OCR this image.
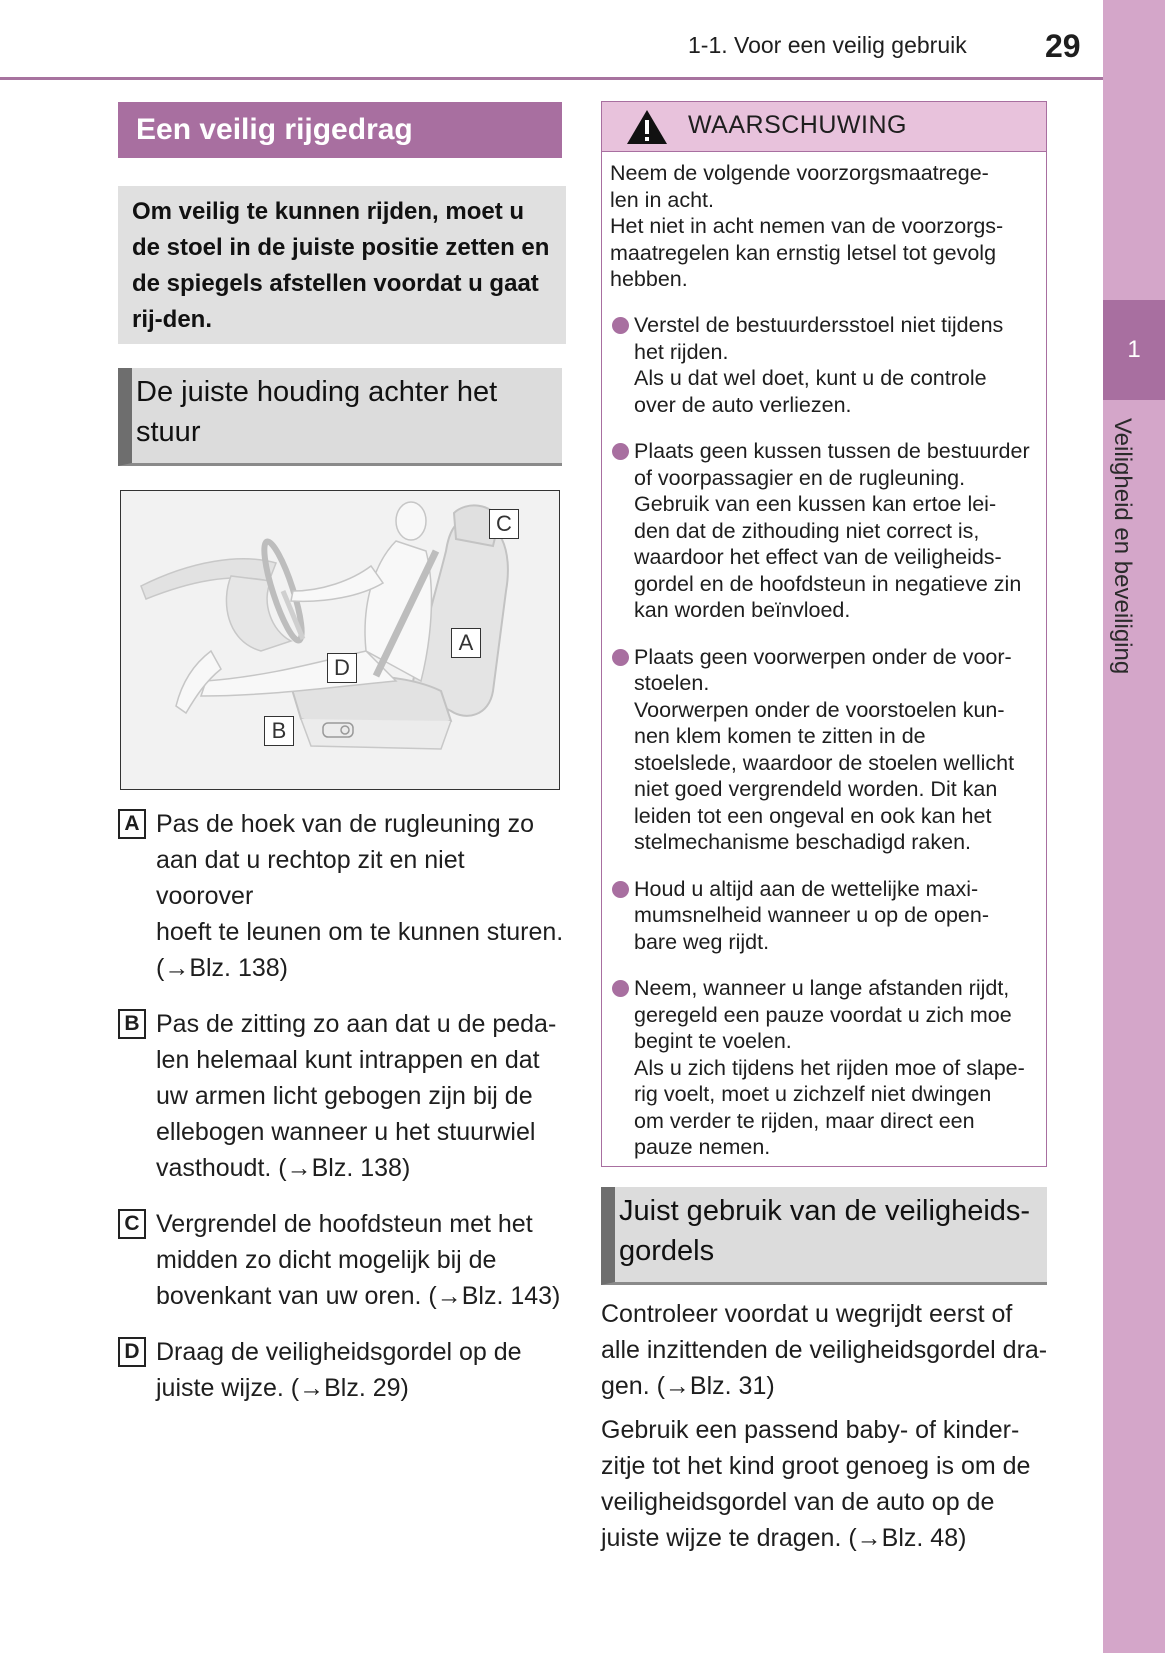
1-1. Voor een veilig gebruik 29
1
Veiligheid en beveiliging
Een veilig rijgedrag
Om veilig te kunnen rijden, moet u de stoel in de juiste positie zetten en de spiegels afstellen voordat u gaat rij-den.
De juiste houding achter het stuur
C
A
D
B
A Pas de hoek van de rugleuning zo
aan dat u rechtop zit en niet voorover
hoeft te leunen om te kunnen sturen.
(→Blz. 138)
B Pas de zitting zo aan dat u de peda-
len helemaal kunt intrappen en dat
uw armen licht gebogen zijn bij de
ellebogen wanneer u het stuurwiel
vasthoudt. (→Blz. 138)
C Vergrendel de hoofdsteun met het
midden zo dicht mogelijk bij de
bovenkant van uw oren. (→Blz. 143)
D Draag de veiligheidsgordel op de
juiste wijze. (→Blz. 29)
WAARSCHUWING
Neem de volgende voorzorgsmaatrege-
len in acht.
Het niet in acht nemen van de voorzorgs-
maatregelen kan ernstig letsel tot gevolg
hebben.
Verstel de bestuurdersstoel niet tijdens
het rijden.
Als u dat wel doet, kunt u de controle
over de auto verliezen.
Plaats geen kussen tussen de bestuurder
of voorpassagier en de rugleuning.
Gebruik van een kussen kan ertoe lei-
den dat de zithouding niet correct is,
waardoor het effect van de veiligheids-
gordel en de hoofdsteun in negatieve zin
kan worden beïnvloed.
Plaats geen voorwerpen onder de voor-
stoelen.
Voorwerpen onder de voorstoelen kun-
nen klem komen te zitten in de
stoelslede, waardoor de stoelen wellicht
niet goed vergrendeld worden. Dit kan
leiden tot een ongeval en ook kan het
stelmechanisme beschadigd raken.
Houd u altijd aan de wettelijke maxi-
mumsnelheid wanneer u op de open-
bare weg rijdt.
Neem, wanneer u lange afstanden rijdt,
geregeld een pauze voordat u zich moe
begint te voelen.
Als u zich tijdens het rijden moe of slape-
rig voelt, moet u zichzelf niet dwingen
om verder te rijden, maar direct een
pauze nemen.
Juist gebruik van de veiligheids-gordels

Controleer voordat u wegrijdt eerst of
alle inzittenden de veiligheidsgordel dra-
gen. (→Blz. 31)

Gebruik een passend baby- of kinder-
zitje tot het kind groot genoeg is om de
veiligheidsgordel van de auto op de
juiste wijze te dragen. (→Blz. 48)
